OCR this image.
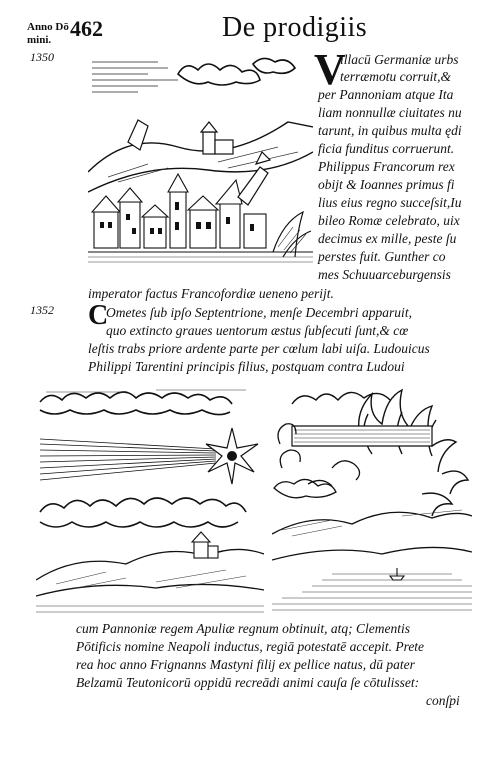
Anno Dō
mini. 462	De prodigiis
1350
1352
V
illacū Germaniæ urbs
terræmotu corruit,&
per Pannoniam atque Ita
liam nonnullæ ciuitates nu
tarunt, in quibus multa ędi
ficia funditus corruerunt.
Philippus Francorum rex
obijt & Ioannes primus fi
lius eius regno succeſsit,Iu
bileo Romæ celebrato, uix
decimus ex mille, peste ſu
perstes fuit. Gunther co
mes Schuuarceburgensis
imperator factus Francofordiæ ueneno perijt.
C
Ometes ſub ipſo Septentrione, menſe Decembri apparuit,
quo extincto graues uentorum æstus ſubſecuti ſunt,& cœ
leſtis trabs priore ardente parte per cœlum labi uiſa. Ludouicus
Philippi Tarentini principis filius, postquam contra Ludoui
cum Pannoniæ regem Apuliæ regnum obtinuit, atq; Clementis
Pōtificis nomine Neapoli inductus, regiā potestatē accepit. Prete
rea hoc anno Frignanns Mastyni filij ex pellice natus, dū pater
Belzamū Teutonicorū oppidū recreādi animi cauſa ſe cōtulisset:
conſpi
